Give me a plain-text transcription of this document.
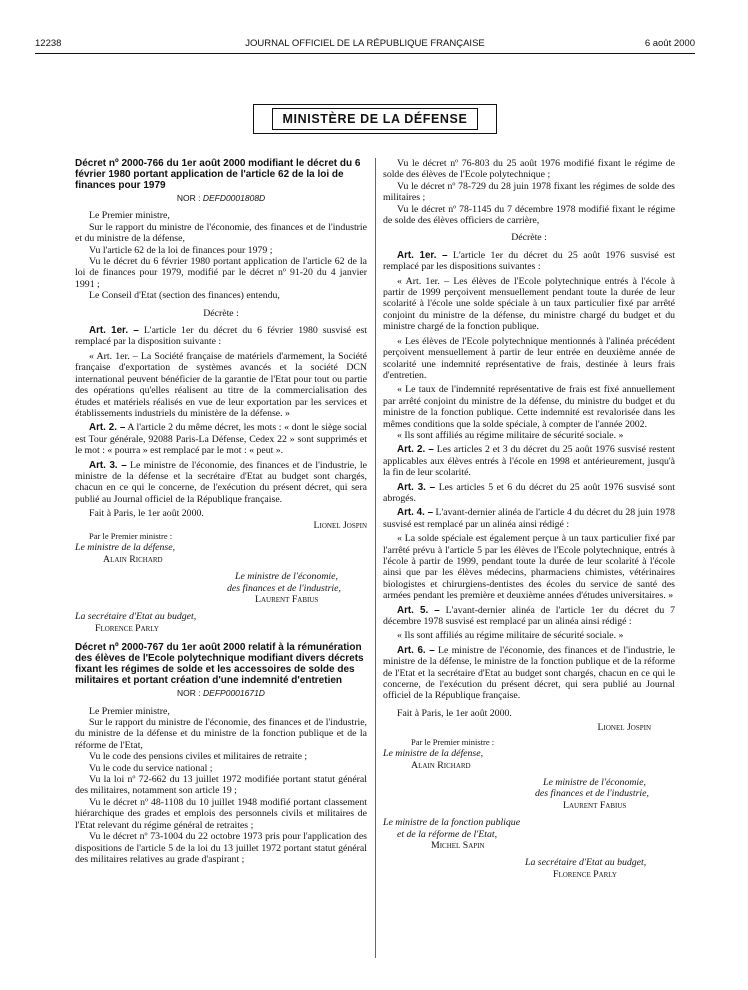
12238	JOURNAL OFFICIEL DE LA RÉPUBLIQUE FRANÇAISE	6 août 2000
MINISTÈRE DE LA DÉFENSE

Décret nº 2000-766 du 1er août 2000 modifiant le décret du 6 février 1980 portant application de l'article 62 de la loi de finances pour 1979

NOR : DEFD0001808D

Le Premier ministre,

Sur le rapport du ministre de l'économie, des finances et de l'industrie et du ministre de la défense,

Vu l'article 62 de la loi de finances pour 1979 ;

Vu le décret du 6 février 1980 portant application de l'article 62 de la loi de finances pour 1979, modifié par le décret nº 91-20 du 4 janvier 1991 ;

Le Conseil d'Etat (section des finances) entendu,

Décrète :

Art. 1er. – L'article 1er du décret du 6 février 1980 susvisé est remplacé par la disposition suivante :

« Art. 1er. – La Société française de matériels d'armement, la Société française d'exportation de systèmes avancés et la société DCN international peuvent bénéficier de la garantie de l'Etat pour tout ou partie des opérations qu'elles réalisent au titre de la commercialisation des études et matériels réalisés en vue de leur exportation par les services et établissements industriels du ministère de la défense. »

Art. 2. – A l'article 2 du même décret, les mots : « dont le siège social est Tour générale, 92088 Paris-La Défense, Cedex 22 » sont supprimés et le mot : « pourra » est remplacé par le mot : « peut ».

Art. 3. – Le ministre de l'économie, des finances et de l'industrie, le ministre de la défense et la secrétaire d'Etat au budget sont chargés, chacun en ce qui le concerne, de l'exécution du présent décret, qui sera publié au Journal officiel de la République française.

Fait à Paris, le 1er août 2000.

Lionel Jospin

Par le Premier ministre :

Le ministre de la défense,

Alain Richard

Le ministre de l'économie,

des finances et de l'industrie,

Laurent Fabius

La secrétaire d'Etat au budget,

Florence Parly

Décret nº 2000-767 du 1er août 2000 relatif à la rémunération des élèves de l'Ecole polytechnique modifiant divers décrets fixant les régimes de solde et les accessoires de solde des militaires et portant création d'une indemnité d'entretien

NOR : DEFP0001671D

Le Premier ministre,

Sur le rapport du ministre de l'économie, des finances et de l'industrie, du ministre de la défense et du ministre de la fonction publique et de la réforme de l'Etat,

Vu le code des pensions civiles et militaires de retraite ;

Vu le code du service national ;

Vu la loi nº 72-662 du 13 juillet 1972 modifiée portant statut général des militaires, notamment son article 19 ;

Vu le décret nº 48-1108 du 10 juillet 1948 modifié portant classement hiérarchique des grades et emplois des personnels civils et militaires de l'Etat relevant du régime général de retraites ;

Vu le décret nº 73-1004 du 22 octobre 1973 pris pour l'application des dispositions de l'article 5 de la loi du 13 juillet 1972 portant statut général des militaires relatives au grade d'aspirant ;

Vu le décret nº 76-803 du 25 août 1976 modifié fixant le régime de solde des élèves de l'Ecole polytechnique ;

Vu le décret nº 78-729 du 28 juin 1978 fixant les régimes de solde des militaires ;

Vu le décret nº 78-1145 du 7 décembre 1978 modifié fixant le régime de solde des élèves officiers de carrière,

Décrète :

Art. 1er. – L'article 1er du décret du 25 août 1976 susvisé est remplacé par les dispositions suivantes :

« Art. 1er. – Les élèves de l'Ecole polytechnique entrés à l'école à partir de 1999 perçoivent mensuellement pendant toute la durée de leur scolarité à l'école une solde spéciale à un taux particulier fixé par arrêté conjoint du ministre de la défense, du ministre chargé du budget et du ministre chargé de la fonction publique.

« Les élèves de l'Ecole polytechnique mentionnés à l'alinéa précédent perçoivent mensuellement à partir de leur entrée en deuxième année de scolarité une indemnité représentative de frais, destinée à leurs frais d'entretien.

« Le taux de l'indemnité représentative de frais est fixé annuellement par arrêté conjoint du ministre de la défense, du ministre du budget et du ministre de la fonction publique. Cette indemnité est revalorisée dans les mêmes conditions que la solde spéciale, à compter de l'année 2002.

« Ils sont affiliés au régime militaire de sécurité sociale. »

Art. 2. – Les articles 2 et 3 du décret du 25 août 1976 susvisé restent applicables aux élèves entrés à l'école en 1998 et antérieurement, jusqu'à la fin de leur scolarité.

Art. 3. – Les articles 5 et 6 du décret du 25 août 1976 susvisé sont abrogés.

Art. 4. – L'avant-dernier alinéa de l'article 4 du décret du 28 juin 1978 susvisé est remplacé par un alinéa ainsi rédigé :

« La solde spéciale est également perçue à un taux particulier fixé par l'arrêté prévu à l'article 5 par les élèves de l'Ecole polytechnique, entrés à l'école à partir de 1999, pendant toute la durée de leur scolarité à l'école ainsi que par les élèves médecins, pharmaciens chimistes, vétérinaires biologistes et chirurgiens-dentistes des écoles du service de santé des armées pendant les première et deuxième années d'études universitaires. »

Art. 5. – L'avant-dernier alinéa de l'article 1er du décret du 7 décembre 1978 susvisé est remplacé par un alinéa ainsi rédigé :

« Ils sont affiliés au régime militaire de sécurité sociale. »

Art. 6. – Le ministre de l'économie, des finances et de l'industrie, le ministre de la défense, le ministre de la fonction publique et de la réforme de l'Etat et la secrétaire d'Etat au budget sont chargés, chacun en ce qui le concerne, de l'exécution du présent décret, qui sera publié au Journal officiel de la République française.

Fait à Paris, le 1er août 2000.

Lionel Jospin

Par le Premier ministre :

Le ministre de la défense,

Alain Richard

Le ministre de l'économie,

des finances et de l'industrie,

Laurent Fabius

Le ministre de la fonction publique

et de la réforme de l'Etat,

Michel Sapin

La secrétaire d'Etat au budget,

Florence Parly
